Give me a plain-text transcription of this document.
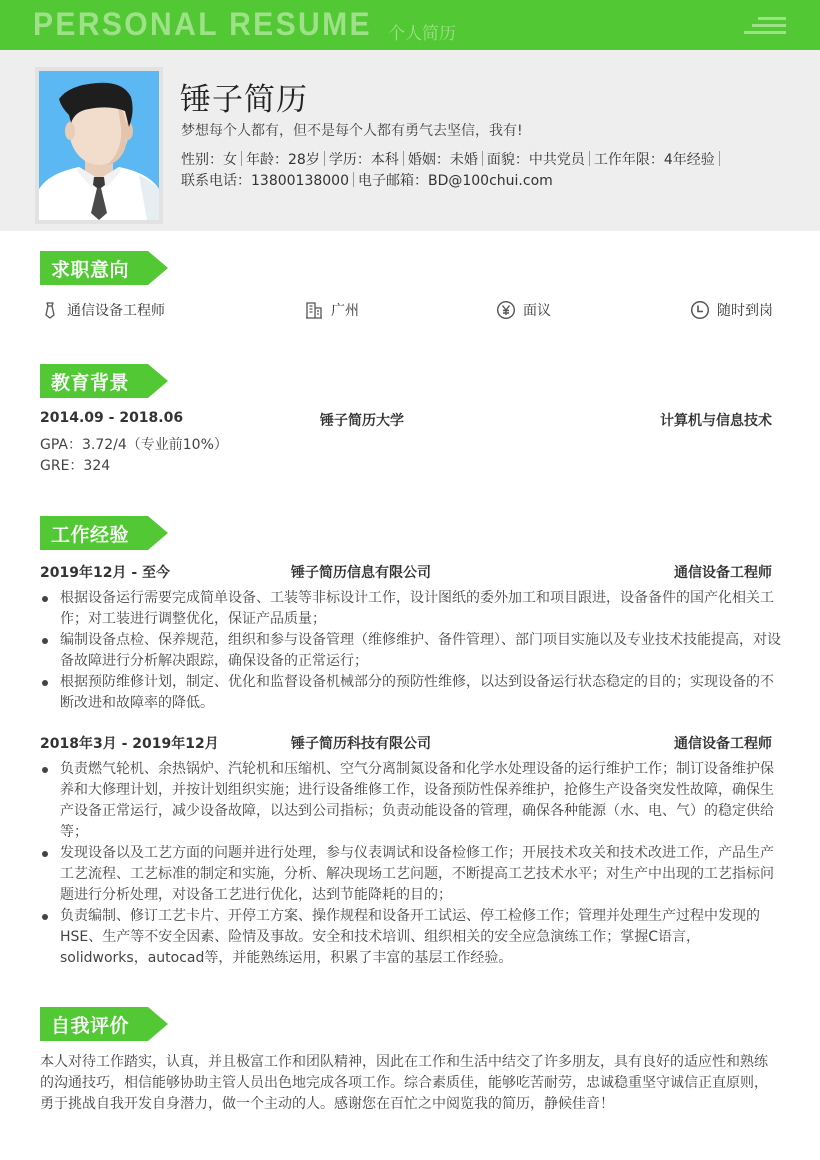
PERSONAL RESUME 个人简历
锤子简历
梦想每个人都有，但不是每个人都有勇气去坚信，我有!
性别：女 年龄：28岁 学历：本科 婚姻：未婚 面貌：中共党员 工作年限：4年经验
联系电话：13800138000 电子邮箱：BD@100chui.com
求职意向
通信设备工程师	广州	面议	随时到岗
教育背景
2014.09 - 2018.06	锤子简历大学	计算机与信息技术
GPA：3.72/4（专业前10%）
GRE：324
工作经验
2019年12月 - 至今	锤子简历信息有限公司	通信设备工程师
根据设备运行需要完成简单设备、工装等非标设计工作，设计图纸的委外加工和项目跟进，设备备件的国产化相关工作；对工装进行调整优化，保证产品质量；
编制设备点检、保养规范，组织和参与设备管理（维修维护、备件管理）、部门项目实施以及专业技术技能提高，对设备故障进行分析解决跟踪，确保设备的正常运行；
根据预防维修计划，制定、优化和监督设备机械部分的预防性维修，以达到设备运行状态稳定的目的；实现设备的不断改进和故障率的降低。
2018年3月 - 2019年12月	锤子简历科技有限公司	通信设备工程师
负责燃气轮机、余热锅炉、汽轮机和压缩机、空气分离制氮设备和化学水处理设备的运行维护工作；制订设备维护保养和大修理计划，并按计划组织实施；进行设备维修工作，设备预防性保养维护，抢修生产设备突发性故障，确保生产设备正常运行，减少设备故障，以达到公司指标；负责动能设备的管理，确保各种能源（水、电、气）的稳定供给等；
发现设备以及工艺方面的问题并进行处理，参与仪表调试和设备检修工作；开展技术攻关和技术改进工作，产品生产工艺流程、工艺标准的制定和实施，分析、解决现场工艺问题，不断提高工艺技术水平；对生产中出现的工艺指标问题进行分析处理，对设备工艺进行优化，达到节能降耗的目的；
负责编制、修订工艺卡片、开停工方案、操作规程和设备开工试运、停工检修工作；管理并处理生产过程中发现的HSE、生产等不安全因素、险情及事故。安全和技术培训、组织相关的安全应急演练工作；掌握C语言，solidworks，autocad等，并能熟练运用，积累了丰富的基层工作经验。
自我评价
本人对待工作踏实，认真，并且极富工作和团队精神，因此在工作和生活中结交了许多朋友，具有良好的适应性和熟练的沟通技巧，相信能够协助主管人员出色地完成各项工作。综合素质佳，能够吃苦耐劳，忠诚稳重坚守诚信正直原则，勇于挑战自我开发自身潜力，做一个主动的人。感谢您在百忙之中阅览我的简历，静候佳音！
